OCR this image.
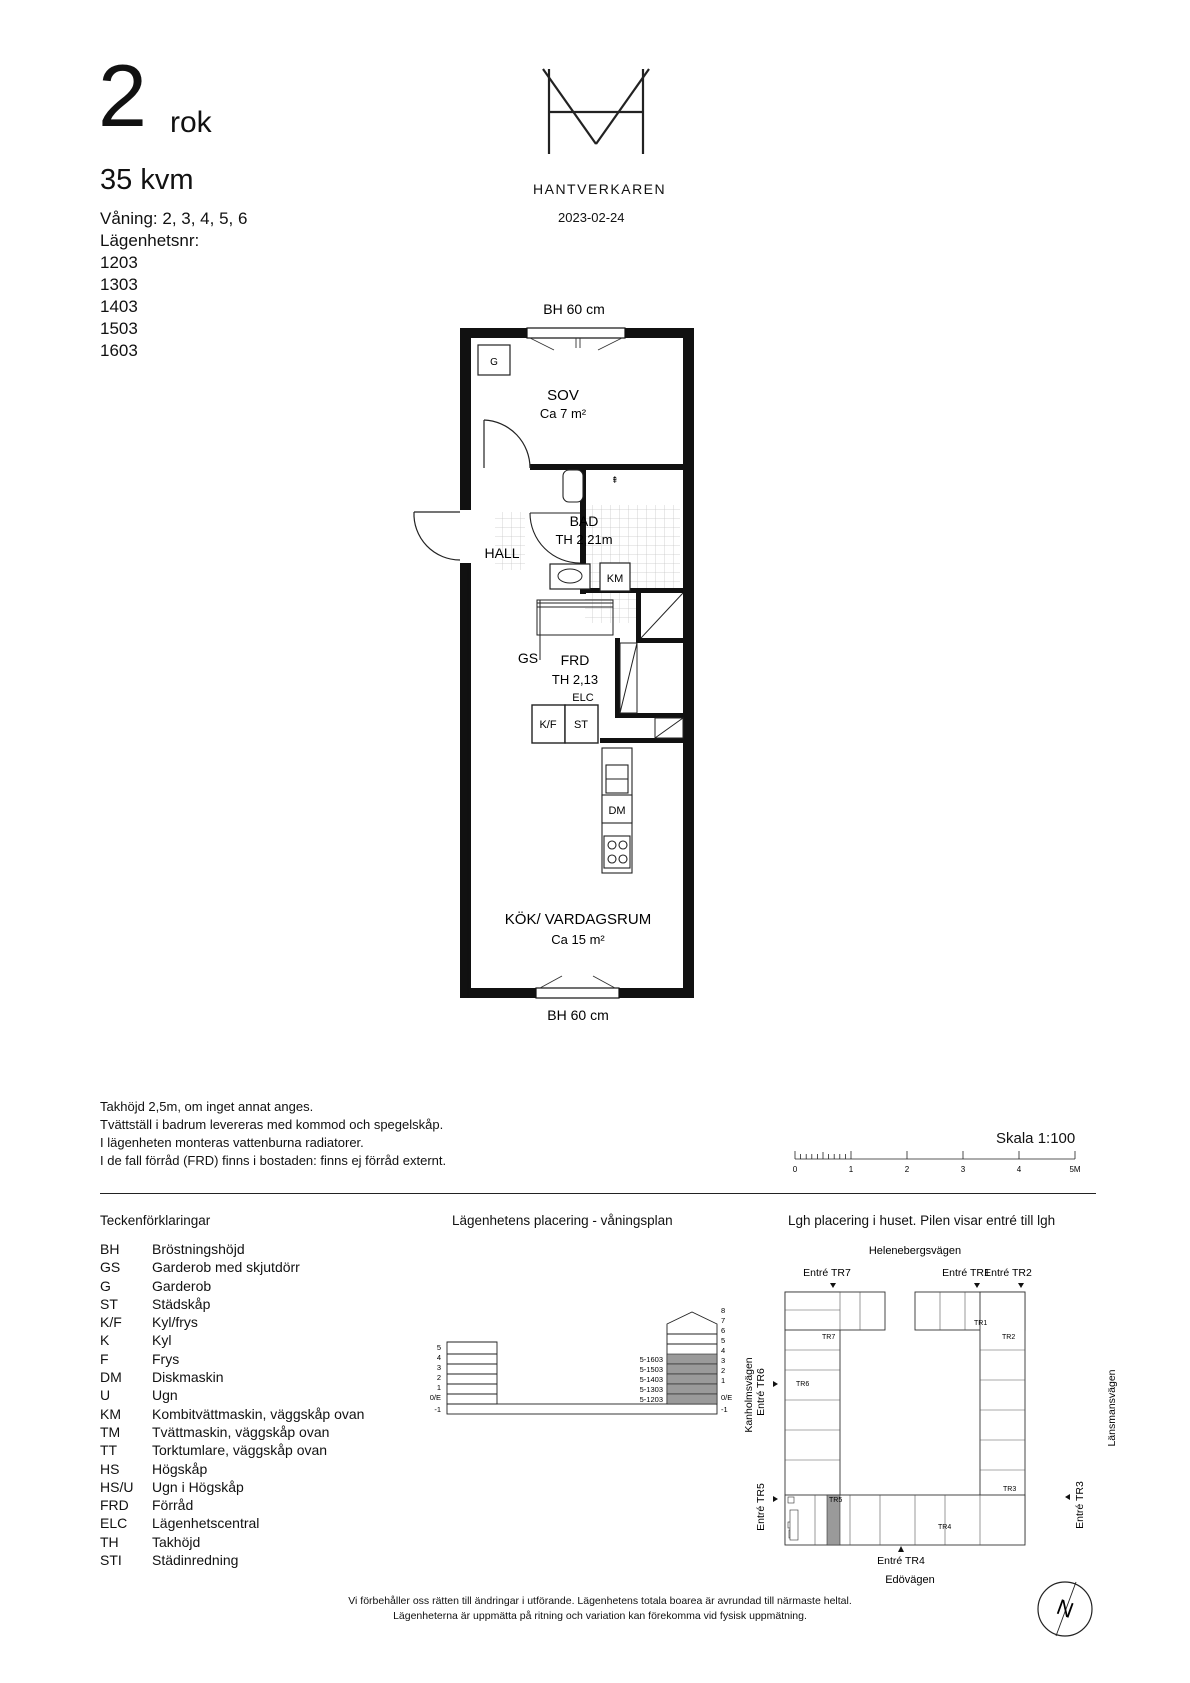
2 rok
35 kvm
Våning: 2, 3, 4, 5, 6
Lägenhetsnr:
1203
1303
1403
1503
1603
HANTVERKAREN
2023-02-24
G
⇞
KM
K/F ST
DM
BH 60 cm
SOV
Ca 7 m²
BAD
TH 2,21m
HALL
GS FRD
TH 2,13
ELC
KÖK/ VARDAGSRUM
Ca 15 m²
BH 60 cm
Takhöjd 2,5m, om inget annat anges.
Tvättställ i badrum levereras med kommod och spegelskåp.
I lägenheten monteras vattenburna radiatorer.
I de fall förråd (FRD) finns i bostaden: finns ej förråd externt.
Skala 1:100
0	1	2	3	4	5M
Teckenförklaringar
BH	Bröstningshöjd
GS	Garderob med skjutdörr
G	Garderob
ST	Städskåp
K/F	Kyl/frys
K	Kyl
F	Frys
DM	Diskmaskin
U	Ugn
KM	Kombitvättmaskin, väggskåp ovan
TM	Tvättmaskin, väggskåp ovan
TT	Torktumlare, väggskåp ovan
HS	Högskåp
HS/U	Ugn i Högskåp
FRD	Förråd
ELC	Lägenhetscentral
TH	Takhöjd
STI	Städinredning
Lägenhetens placering - våningsplan
5
4
3
2
1
0/E
-1
5-1603
5-1503
5-1403
5-1303
5-1203
8
7
6
5
4
3
2
1
0/E
-1
Lgh placering i huset. Pilen visar entré till lgh
Helenebergsvägen
Edövägen
Länsmansvägen
Kanholmsvägen
Entré TR7	Entré TR1
Entré TR2
Entré TR6
Entré TR5	Entré TR3
Entré TR4
TR7
TR1
TR2
TR6
TR5
TR4
TR3
N
Vi förbehåller oss rätten till ändringar i utförande. Lägenhetens totala boarea är avrundad till närmaste heltal.
Lägenheterna är uppmätta på ritning och variation kan förekomma vid fysisk uppmätning.
